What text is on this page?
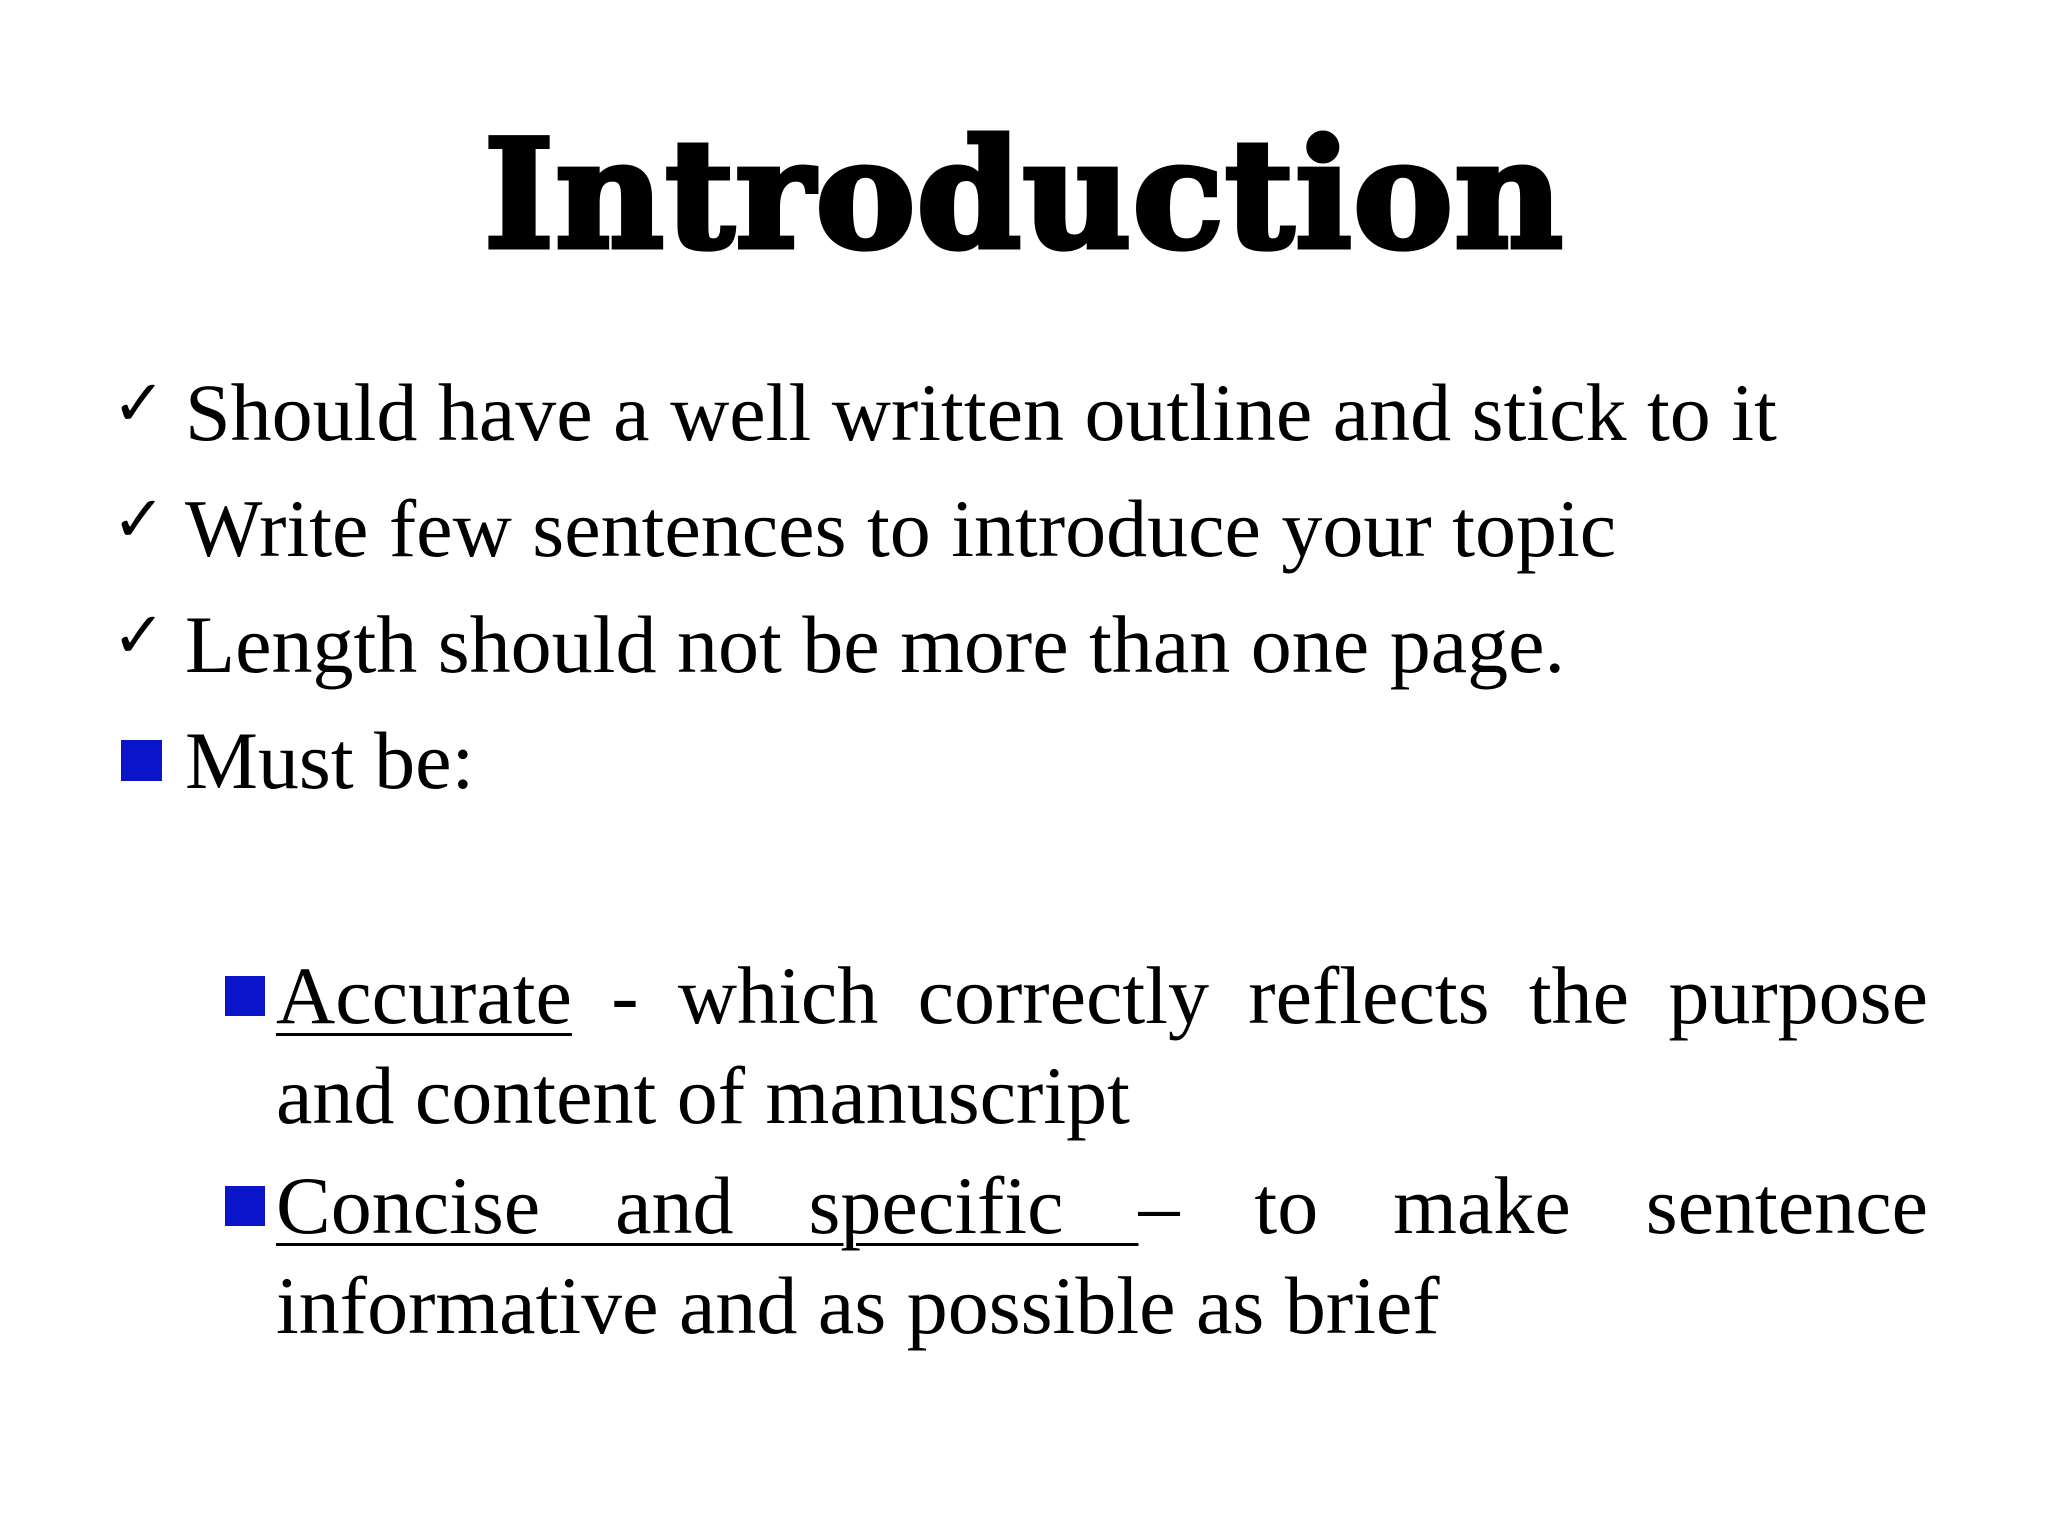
Introduction
✓ Should have a well written outline and stick to it
✓ Write few sentences to introduce your topic
✓ Length should not be more than one page.
Must be:
Accurate - which correctly reflects the purpose and content of manuscript
Concise and specific – to make sentence informative and as possible as brief
